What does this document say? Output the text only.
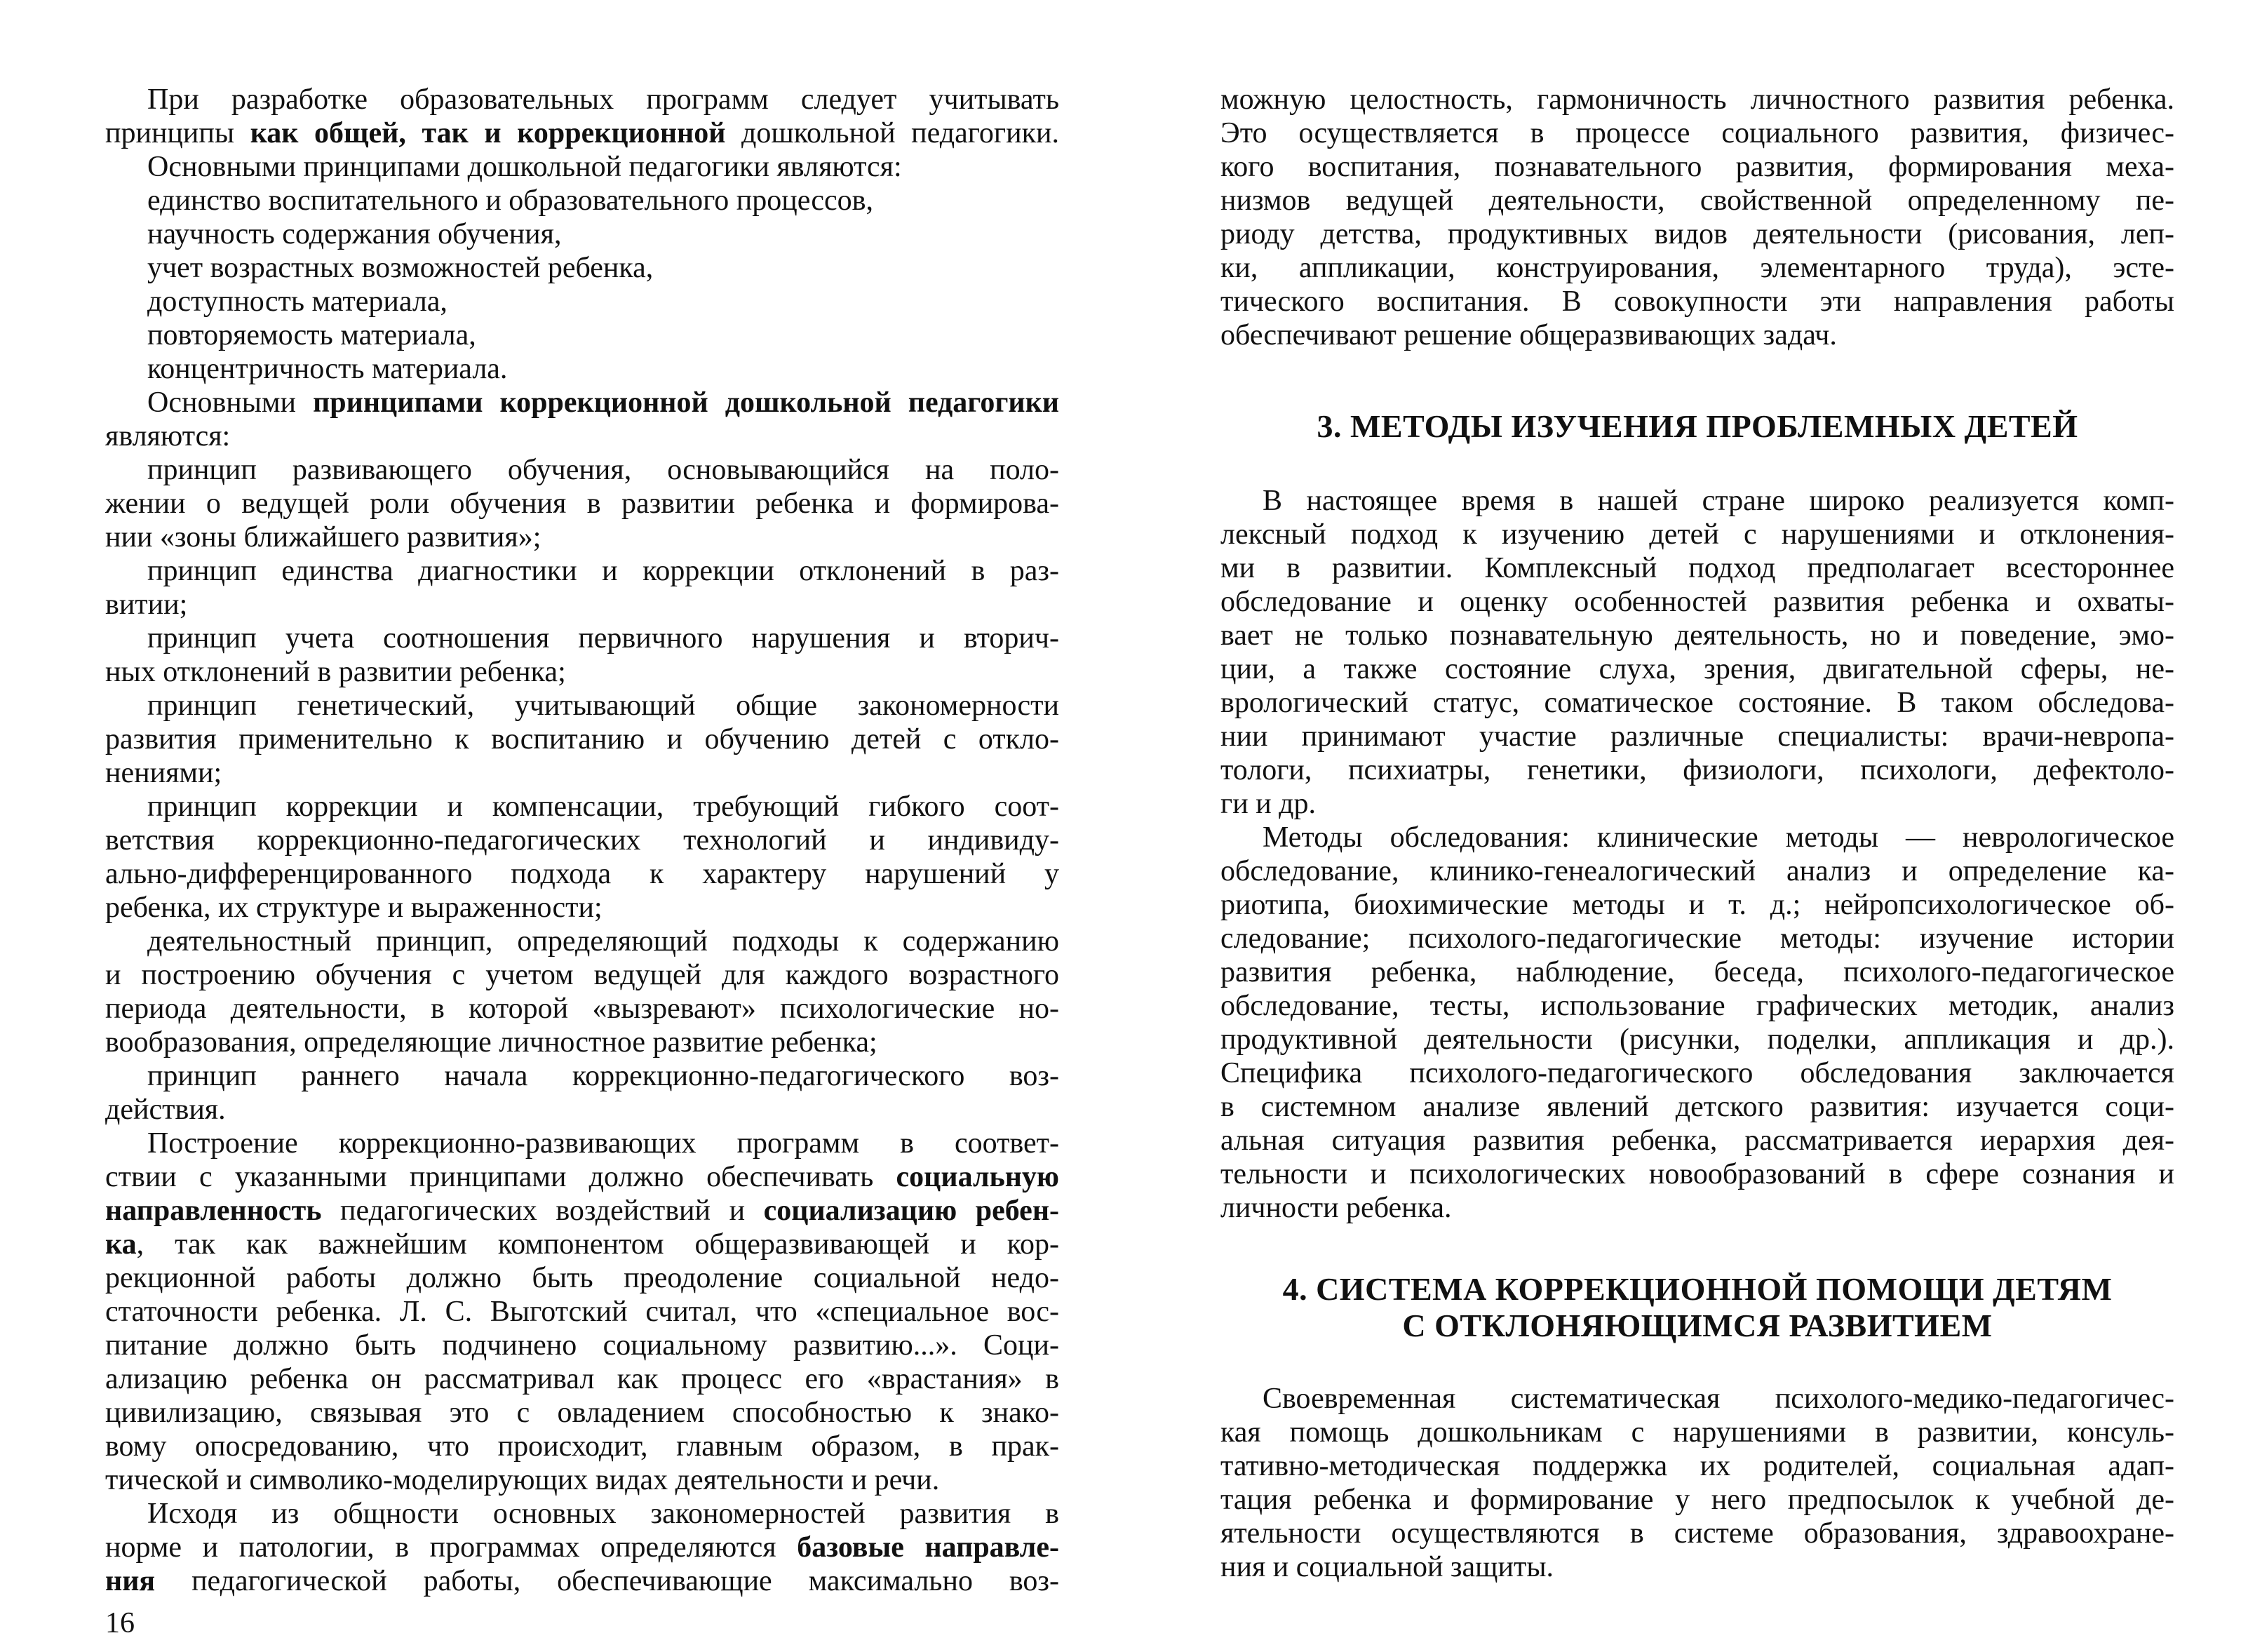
При разработке образовательных программ следует учитывать
принципы как общей, так и коррекционной дошкольной педагогики.
Основными принципами дошкольной педагогики являются:
единство воспитательного и образовательного процессов,
научность содержания обучения,
учет возрастных возможностей ребенка,
доступность материала,
повторяемость материала,
концентричность материала.
Основными принципами коррекционной дошкольной педагогики
являются:
принцип развивающего обучения, основывающийся на поло-
жении о ведущей роли обучения в развитии ребенка и формирова-
нии «зоны ближайшего развития»;
принцип единства диагностики и коррекции отклонений в раз-
витии;
принцип учета соотношения первичного нарушения и вторич-
ных отклонений в развитии ребенка;
принцип генетический, учитывающий общие закономерности
развития применительно к воспитанию и обучению детей с откло-
нениями;
принцип коррекции и компенсации, требующий гибкого соот-
ветствия коррекционно-педагогических технологий и индивиду-
ально-дифференцированного подхода к характеру нарушений у
ребенка, их структуре и выраженности;
деятельностный принцип, определяющий подходы к содержанию
и построению обучения с учетом ведущей для каждого возрастного
периода деятельности, в которой «вызревают» психологические но-
вообразования, определяющие личностное развитие ребенка;
принцип раннего начала коррекционно-педагогического воз-
действия.
Построение коррекционно-развивающих программ в соответ-
ствии с указанными принципами должно обеспечивать социальную
направленность педагогических воздействий и социализацию ребен-
ка, так как важнейшим компонентом общеразвивающей и кор-
рекционной работы должно быть преодоление социальной недо-
статочности ребенка. Л. С. Выготский считал, что «специальное вос-
питание должно быть подчинено социальному развитию...». Соци-
ализацию ребенка он рассматривал как процесс его «врастания» в
цивилизацию, связывая это с овладением способностью к знако-
вому опосредованию, что происходит, главным образом, в прак-
тической и символико-моделирующих видах деятельности и речи.
Исходя из общности основных закономерностей развития в
норме и патологии, в программах определяются базовые направле-
ния педагогической работы, обеспечивающие максимально воз-
16
можную целостность, гармоничность личностного развития ребенка.
Это осуществляется в процессе социального развития, физичес-
кого воспитания, познавательного развития, формирования меха-
низмов ведущей деятельности, свойственной определенному пе-
риоду детства, продуктивных видов деятельности (рисования, леп-
ки, аппликации, конструирования, элементарного труда), эсте-
тического воспитания. В совокупности эти направления работы
обеспечивают решение общеразвивающих задач.
3. МЕТОДЫ ИЗУЧЕНИЯ ПРОБЛЕМНЫХ ДЕТЕЙ
В настоящее время в нашей стране широко реализуется комп-
лексный подход к изучению детей с нарушениями и отклонения-
ми в развитии. Комплексный подход предполагает всестороннее
обследование и оценку особенностей развития ребенка и охваты-
вает не только познавательную деятельность, но и поведение, эмо-
ции, а также состояние слуха, зрения, двигательной сферы, не-
врологический статус, соматическое состояние. В таком обследова-
нии принимают участие различные специалисты: врачи-невропа-
тологи, психиатры, генетики, физиологи, психологи, дефектоло-
ги и др.
Методы обследования: клинические методы — неврологическое
обследование, клинико-генеалогический анализ и определение ка-
риотипа, биохимические методы и т. д.; нейропсихологическое об-
следование; психолого-педагогические методы: изучение истории
развития ребенка, наблюдение, беседа, психолого-педагогическое
обследование, тесты, использование графических методик, анализ
продуктивной деятельности (рисунки, поделки, аппликация и др.).
Специфика психолого-педагогического обследования заключается
в системном анализе явлений детского развития: изучается соци-
альная ситуация развития ребенка, рассматривается иерархия дея-
тельности и психологических новообразований в сфере сознания и
личности ребенка.
4. СИСТЕМА КОРРЕКЦИОННОЙ ПОМОЩИ ДЕТЯМ
С ОТКЛОНЯЮЩИМСЯ РАЗВИТИЕМ
Своевременная систематическая психолого-медико-педагогичес-
кая помощь дошкольникам с нарушениями в развитии, консуль-
тативно-методическая поддержка их родителей, социальная адап-
тация ребенка и формирование у него предпосылок к учебной де-
ятельности осуществляются в системе образования, здравоохране-
ния и социальной защиты.
